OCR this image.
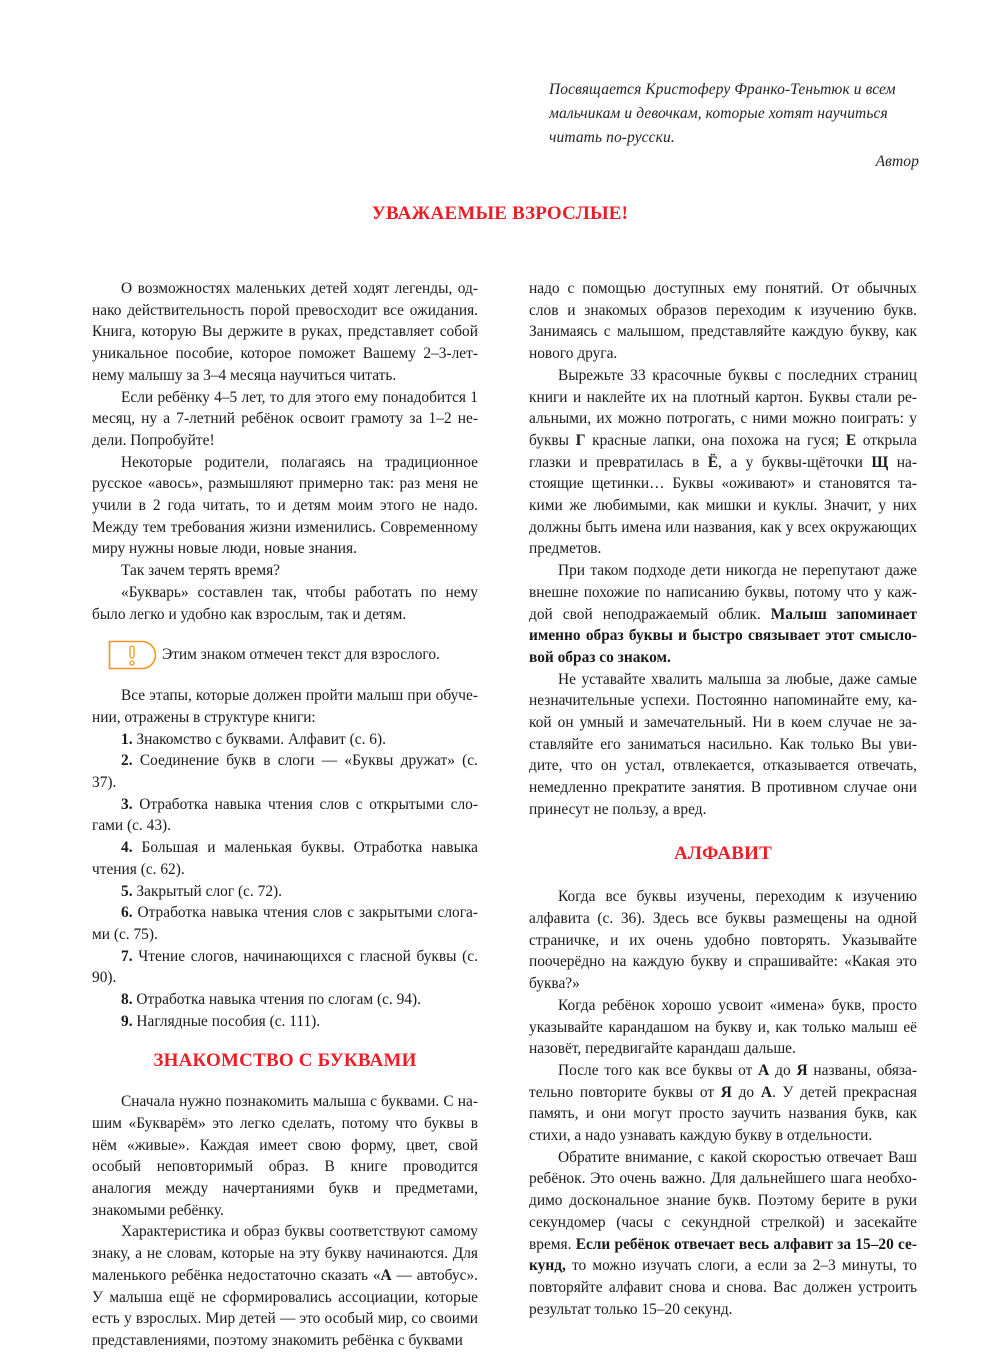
Посвящается Кристоферу Франко-Теньтюк и всем мальчикам и девочкам, которые хотят научиться читать по-русски.
Автор
УВАЖАЕМЫЕ ВЗРОСЛЫЕ!

О возможностях маленьких детей ходят легенды, однако действительность порой превосходит все ожидания. Книга, которую Вы держите в руках, представляет собой уникальное пособие, которое поможет Вашему 2–3-летнему малышу за 3–4 месяца научиться читать.

Если ребёнку 4–5 лет, то для этого ему понадобится 1 месяц, ну а 7-летний ребёнок освоит грамоту за 1–2 недели. Попробуйте!

Некоторые родители, полагаясь на традиционное русское «авось», размышляют примерно так: раз меня не учили в 2 года читать, то и детям моим этого не надо. Между тем требования жизни изменились. Современному миру нужны новые люди, новые знания.

Так зачем терять время?

«Букварь» составлен так, чтобы работать по нему было легко и удобно как взрослым, так и детям.

Этим знаком отмечен текст для взрослого.

Все этапы, которые должен пройти малыш при обучении, отражены в структуре книги:

1. Знакомство с буквами. Алфавит (с. 6).

2. Соединение букв в слоги — «Буквы дружат» (с. 37).

3. Отработка навыка чтения слов с открытыми слогами (с. 43).

4. Большая и маленькая буквы. Отработка навыка чтения (с. 62).

5. Закрытый слог (с. 72).

6. Отработка навыка чтения слов с закрытыми слогами (с. 75).

7. Чтение слогов, начинающихся с гласной буквы (с. 90).

8. Отработка навыка чтения по слогам (с. 94).

9. Наглядные пособия (с. 111).

ЗНАКОМСТВО С БУКВАМИ

Сначала нужно познакомить малыша с буквами. С нашим «Букварём» это легко сделать, потому что буквы в нём «живые». Каждая имеет свою форму, цвет, свой особый неповторимый образ. В книге проводится аналогия между начертаниями букв и предметами, знакомыми ребёнку.

Характеристика и образ буквы соответствуют самому знаку, а не словам, которые на эту букву начинаются. Для маленького ребёнка недостаточно сказать «А — автобус». У малыша ещё не сформировались ассоциации, которые есть у взрослых. Мир детей — это особый мир, со своими представлениями, поэтому знакомить ребёнка с буквами

надо с помощью доступных ему понятий. От обычных слов и знакомых образов переходим к изучению букв. Занимаясь с малышом, представляйте каждую букву, как нового друга.

Вырежьте 33 красочные буквы с последних страниц книги и наклейте их на плотный картон. Буквы стали реальными, их можно потрогать, с ними можно поиграть: у буквы Г красные лапки, она похожа на гуся; Е открыла глазки и превратилась в Ё, а у буквы-щёточки Щ настоящие щетинки… Буквы «оживают» и становятся такими же любимыми, как мишки и куклы. Значит, у них должны быть имена или названия, как у всех окружающих предметов.

При таком подходе дети никогда не перепутают даже внешне похожие по написанию буквы, потому что у каждой свой неподражаемый облик. Малыш запоминает именно образ буквы и быстро связывает этот смысловой образ со знаком.

Не уставайте хвалить малыша за любые, даже самые незначительные успехи. Постоянно напоминайте ему, какой он умный и замечательный. Ни в коем случае не заставляйте его заниматься насильно. Как только Вы увидите, что он устал, отвлекается, отказывается отвечать, немедленно прекратите занятия. В противном случае они принесут не пользу, а вред.

АЛФАВИТ

Когда все буквы изучены, переходим к изучению алфавита (с. 36). Здесь все буквы размещены на одной страничке, и их очень удобно повторять. Указывайте поочерёдно на каждую букву и спрашивайте: «Какая это буква?»

Когда ребёнок хорошо усвоит «имена» букв, просто указывайте карандашом на букву и, как только малыш её назовёт, передвигайте карандаш дальше.

После того как все буквы от А до Я названы, обязательно повторите буквы от Я до А. У детей прекрасная память, и они могут просто заучить названия букв, как стихи, а надо узнавать каждую букву в отдельности.

Обратите внимание, с какой скоростью отвечает Ваш ребёнок. Это очень важно. Для дальнейшего шага необходимо доскональное знание букв. Поэтому берите в руки секундомер (часы с секундной стрелкой) и засекайте время. Если ребёнок отвечает весь алфавит за 15–20 секунд, то можно изучать слоги, а если за 2–3 минуты, то повторяйте алфавит снова и снова. Вас должен устроить результат только 15–20 секунд.
